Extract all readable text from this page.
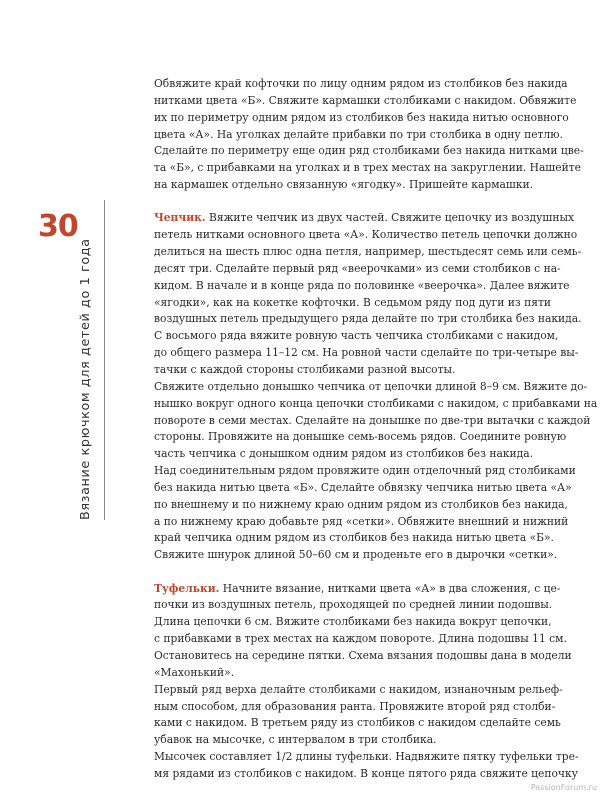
30
Вязание крючком для детей до 1 года
Обвяжите край кофточки по лицу одним рядом из столбиков без накида
нитками цвета «Б». Свяжите кармашки столбиками с накидом. Обвяжите
их по периметру одним рядом из столбиков без накида нитью основного
цвета «А». На уголках делайте прибавки по три столбика в одну петлю.
Сделайте по периметру еще один ряд столбиками без накида нитками цве-
та «Б», с прибавками на уголках и в трех местах на закруглении. Нашейте
на кармашек отдельно связанную «ягодку». Пришейте кармашки.
Чепчик. Вяжите чепчик из двух частей. Свяжите цепочку из воздушных
петель нитками основного цвета «А». Количество петель цепочки должно
делиться на шесть плюс одна петля, например, шестьдесят семь или семь-
десят три. Сделайте первый ряд «веерочками» из семи столбиков с на-
кидом. В начале и в конце ряда по половинке «веерочка». Далее вяжите
«ягодки», как на кокетке кофточки. В седьмом ряду под дуги из пяти
воздушных петель предыдущего ряда делайте по три столбика без накида.
С восьмого ряда вяжите ровную часть чепчика столбиками с накидом,
до общего размера 11–12 см. На ровной части сделайте по три-четыре вы-
тачки с каждой стороны столбиками разной высоты.
Свяжите отдельно донышко чепчика от цепочки длиной 8–9 см. Вяжите до-
нышко вокруг одного конца цепочки столбиками с накидом, с прибавками на
повороте в семи местах. Сделайте на донышке по две-три вытачки с каждой
стороны. Провяжите на донышке семь-восемь рядов. Соедините ровную
часть чепчика с донышком одним рядом из столбиков без накида.
Над соединительным рядом провяжите один отделочный ряд столбиками
без накида нитью цвета «Б». Сделайте обвязку чепчика нитью цвета «А»
по внешнему и по нижнему краю одним рядом из столбиков без накида,
а по нижнему краю добавьте ряд «сетки». Обвяжите внешний и нижний
край чепчика одним рядом из столбиков без накида нитью цвета «Б».
Свяжите шнурок длиной 50–60 см и проденьте его в дырочки «сетки».
Туфельки. Начните вязание, нитками цвета «А» в два сложения, с це-
почки из воздушных петель, проходящей по средней линии подошвы.
Длина цепочки 6 см. Вяжите столбиками без накида вокруг цепочки,
с прибавками в трех местах на каждом повороте. Длина подошвы 11 см.
Остановитесь на середине пятки. Схема вязания подошвы дана в модели
«Махонький».
Первый ряд верха делайте столбиками с накидом, изнаночным рельеф-
ным способом, для образования ранта. Провяжите второй ряд столби-
ками с накидом. В третьем ряду из столбиков с накидом сделайте семь
убавок на мысочке, с интервалом в три столбика.
Мысочек составляет 1/2 длины туфельки. Надвяжите пятку туфельки тре-
мя рядами из столбиков с накидом. В конце пятого ряда свяжите цепочку
PassionForum.ru
